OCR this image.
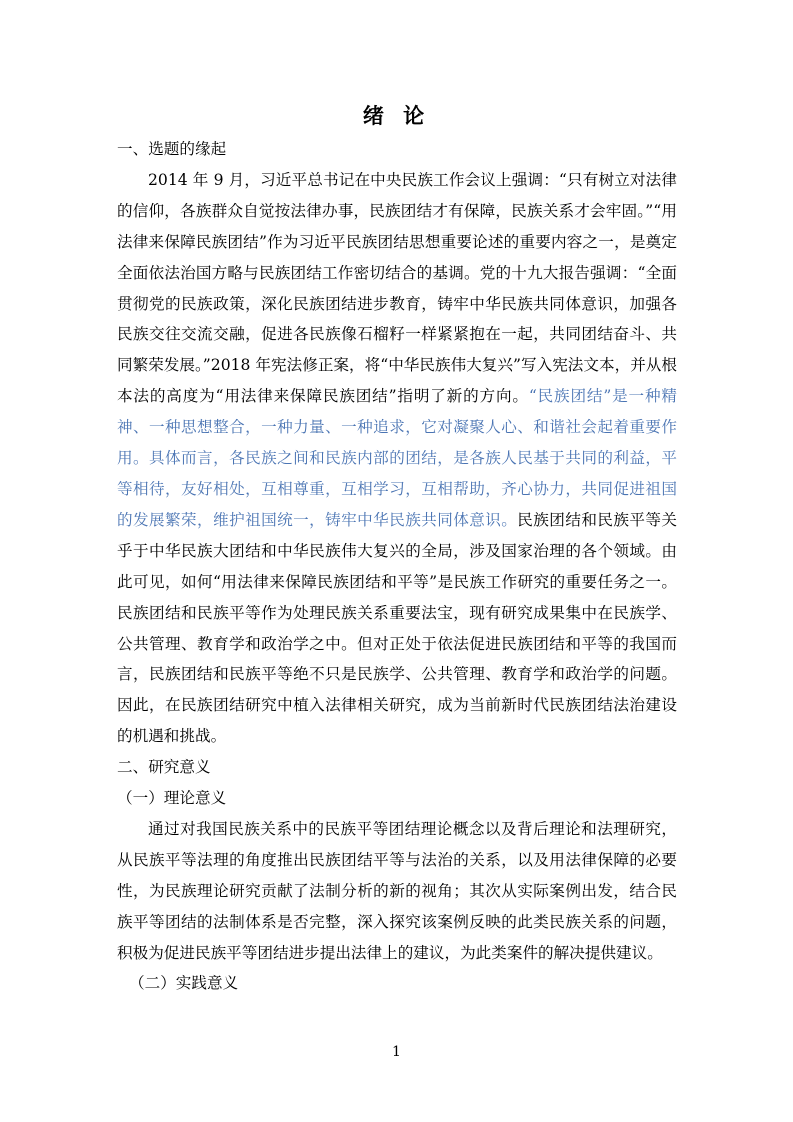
绪 论

一、选题的缘起

2014 年 9 月，习近平总书记在中央民族工作会议上强调：“只有树立对法律的信仰，各族群众自觉按法律办事，民族团结才有保障，民族关系才会牢固。”“用法律来保障民族团结”作为习近平民族团结思想重要论述的重要内容之一，是奠定全面依法治国方略与民族团结工作密切结合的基调。党的十九大报告强调：“全面贯彻党的民族政策，深化民族团结进步教育，铸牢中华民族共同体意识，加强各民族交往交流交融，促进各民族像石榴籽一样紧紧抱在一起，共同团结奋斗、共同繁荣发展。”2018 年宪法修正案，将“中华民族伟大复兴”写入宪法文本，并从根本法的高度为“用法律来保障民族团结”指明了新的方向。“民族团结”是一种精神、一种思想整合，一种力量、一种追求，它对凝聚人心、和谐社会起着重要作用。具体而言，各民族之间和民族内部的团结，是各族人民基于共同的利益，平等相待，友好相处，互相尊重，互相学习，互相帮助，齐心协力，共同促进祖国的发展繁荣，维护祖国统一，铸牢中华民族共同体意识。民族团结和民族平等关乎于中华民族大团结和中华民族伟大复兴的全局，涉及国家治理的各个领域。由此可见，如何“用法律来保障民族团结和平等”是民族工作研究的重要任务之一。民族团结和民族平等作为处理民族关系重要法宝，现有研究成果集中在民族学、公共管理、教育学和政治学之中。但对正处于依法促进民族团结和平等的我国而言，民族团结和民族平等绝不只是民族学、公共管理、教育学和政治学的问题。因此，在民族团结研究中植入法律相关研究，成为当前新时代民族团结法治建设的机遇和挑战。

二、研究意义

（一）理论意义

通过对我国民族关系中的民族平等团结理论概念以及背后理论和法理研究，从民族平等法理的角度推出民族团结平等与法治的关系，以及用法律保障的必要性，为民族理论研究贡献了法制分析的新的视角；其次从实际案例出发，结合民族平等团结的法制体系是否完整，深入探究该案例反映的此类民族关系的问题，积极为促进民族平等团结进步提出法律上的建议，为此类案件的解决提供建议。

（二）实践意义

1
